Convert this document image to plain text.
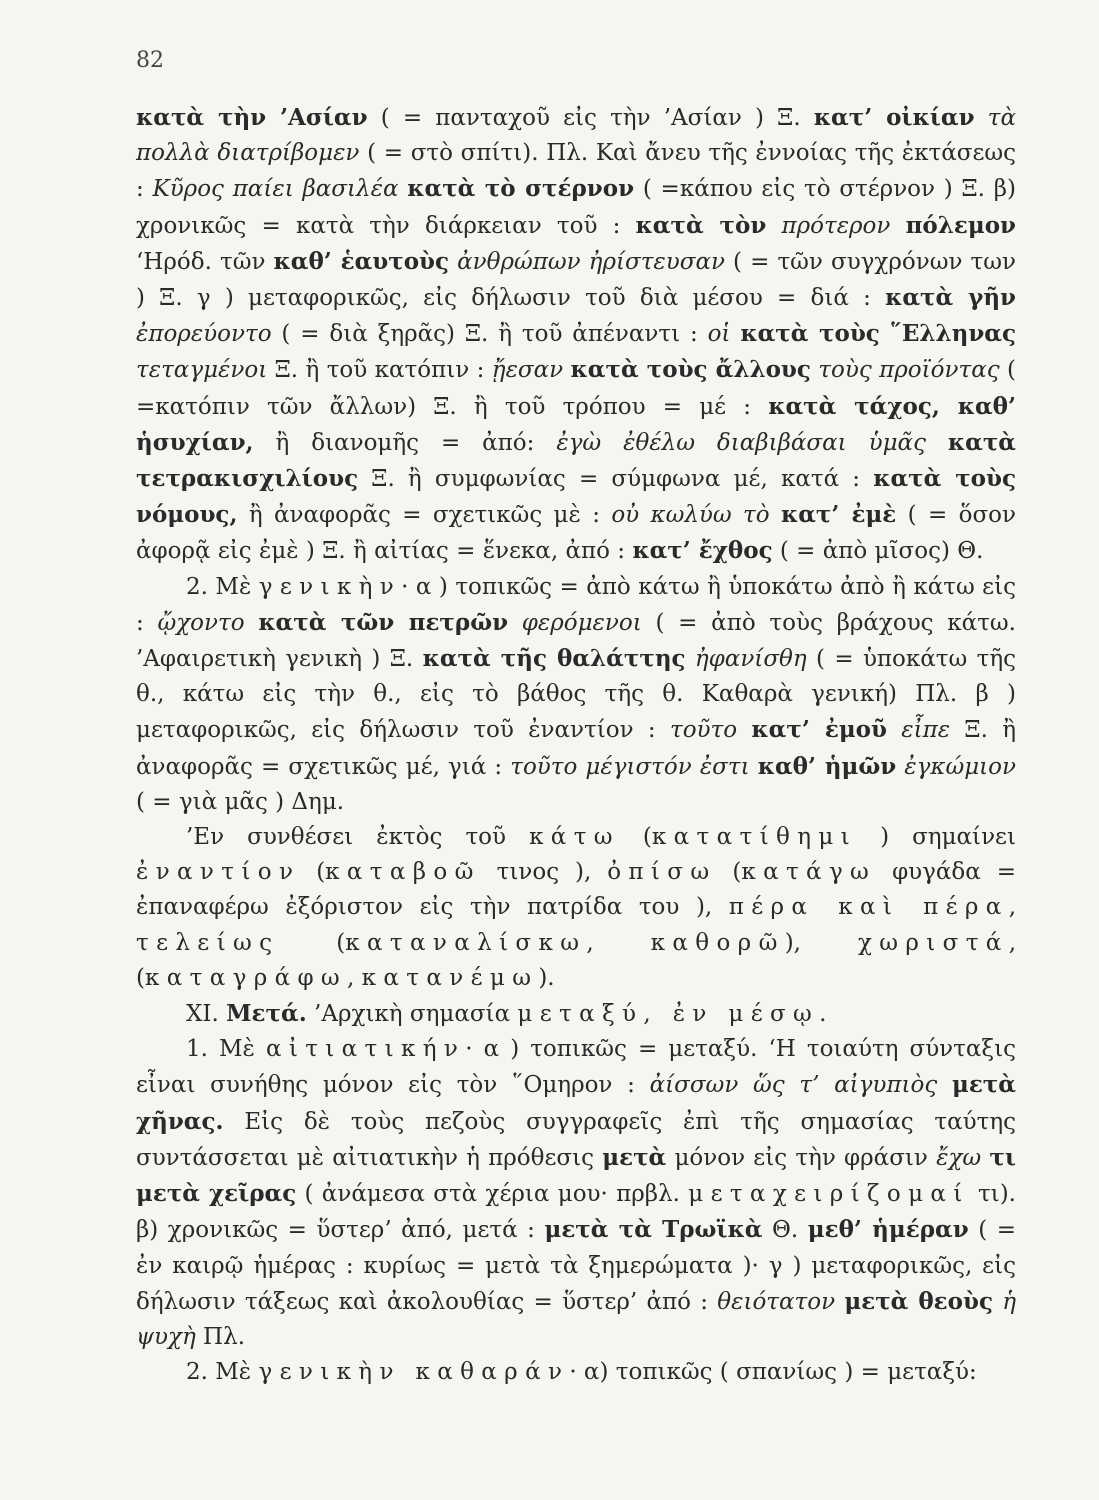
82

κατὰ τὴν ’Ασίαν ( = πανταχοῦ εἰς τὴν ’Ασίαν ) Ξ. κατ’ οἰκίαν τὰ πολλὰ διατρίβομεν ( = στὸ σπίτι). Πλ. Καὶ ἄνευ τῆς ἐννοίας τῆς ἐκτάσεως : Κῦρος παίει βασιλέα κατὰ τὸ στέρνον ( =κάπου εἰς τὸ στέρνον ) Ξ. β) χρονικῶς = κατὰ τὴν διάρκειαν τοῦ : κατὰ τὸν πρότερον πόλεμον ‘Ηρόδ. τῶν καθ’ ἑαυτοὺς ἀνθρώπων ἠρίστευσαν ( = τῶν συγχρόνων των ) Ξ. γ ) μεταφορικῶς, εἰς δήλωσιν τοῦ διὰ μέσου = διά : κατὰ γῆν ἐπορεύοντο ( = διὰ ξηρᾶς) Ξ. ἢ τοῦ ἀπέναντι : οἱ κατὰ τοὺς ῞Ελληνας τεταγμένοι Ξ. ἢ τοῦ κατόπιν : ᾔεσαν κατὰ τοὺς ἄλλους τοὺς προϊόντας ( =κατόπιν τῶν ἄλλων) Ξ. ἢ τοῦ τρόπου = μέ : κατὰ τάχος, καθ’ ἡσυχίαν, ἢ διανομῆς = ἀπό: ἐγὼ ἐθέλω διαβιβάσαι ὑμᾶς κατὰ τετρακισχιλίους Ξ. ἢ συμφωνίας = σύμφωνα μέ, κατά : κατὰ τοὺς νόμους, ἢ ἀναφορᾶς = σχετικῶς μὲ : οὐ κωλύω τὸ κατ’ ἐμὲ ( = ὅσον ἀφορᾷ εἰς ἐμὲ ) Ξ. ἢ αἰτίας = ἕνεκα, ἀπό : κατ’ ἔχθος ( = ἀπὸ μῖσος) Θ.

2. Μὲ γενικὴν· α ) τοπικῶς = ἀπὸ κάτω ἢ ὑποκάτω ἀπὸ ἢ κάτω εἰς : ᾤχοντο κατὰ τῶν πετρῶν φερόμενοι ( = ἀπὸ τοὺς βράχους κάτω. ’Αφαιρετικὴ γενικὴ ) Ξ. κατὰ τῆς θαλάττης ἠφανίσθη ( = ὑποκάτω τῆς θ., κάτω εἰς τὴν θ., εἰς τὸ βάθος τῆς θ. Καθαρὰ γενική) Πλ. β ) μεταφορικῶς, εἰς δήλωσιν τοῦ ἐναντίον : τοῦτο κατ’ ἐμοῦ εἶπε Ξ. ἢ ἀναφορᾶς = σχετικῶς μέ, γιά : τοῦτο μέγιστόν ἐστι καθ’ ἡμῶν ἐγκώμιον ( = γιὰ μᾶς ) Δημ.

’Εν συνθέσει ἐκτὸς τοῦ κάτω (κατατίθημι ) σημαίνει ἐναντίον (καταβοῶ τινος ), ὀπίσω (κατάγω φυγάδα = ἐπαναφέρω ἐξόριστον εἰς τὴν πατρίδα του ), πέρα καὶ πέρα, τελείως (καταναλίσκω, καθορῶ), χωριστά, (καταγράφω, κατανέμω).

XI. Μετά. ’Αρχικὴ σημασία μεταξύ, ἐν μέσῳ.

1. Μὲ αἰτιατικήν· α ) τοπικῶς = μεταξύ. ‘Η τοιαύτη σύνταξις εἶναι συνήθης μόνον εἰς τὸν ῞Ομηρον : ἀίσσων ὥς τ’ αἰγυπιὸς μετὰ χῆνας. Εἰς δὲ τοὺς πεζοὺς συγγραφεῖς ἐπὶ τῆς σημασίας ταύτης συντάσσεται μὲ αἰτιατικὴν ἡ πρόθεσις μετὰ μόνον εἰς τὴν φράσιν ἔχω τι μετὰ χεῖρας ( ἀνάμεσα στὰ χέρια μου· πρβλ. μεταχειρίζομαί τι). β) χρονικῶς = ὕστερ’ ἀπό, μετά : μετὰ τὰ Τρωϊκὰ Θ. μεθ’ ἡμέραν ( = ἐν καιρῷ ἡμέρας : κυρίως = μετὰ τὰ ξημερώματα )· γ ) μεταφορικῶς, εἰς δήλωσιν τάξεως καὶ ἀκολουθίας = ὕστερ’ ἀπό : θειότατον μετὰ θεοὺς ἡ ψυχὴ Πλ.

2. Μὲ γενικὴν καθαράν· α) τοπικῶς ( σπανίως ) = μεταξύ:
